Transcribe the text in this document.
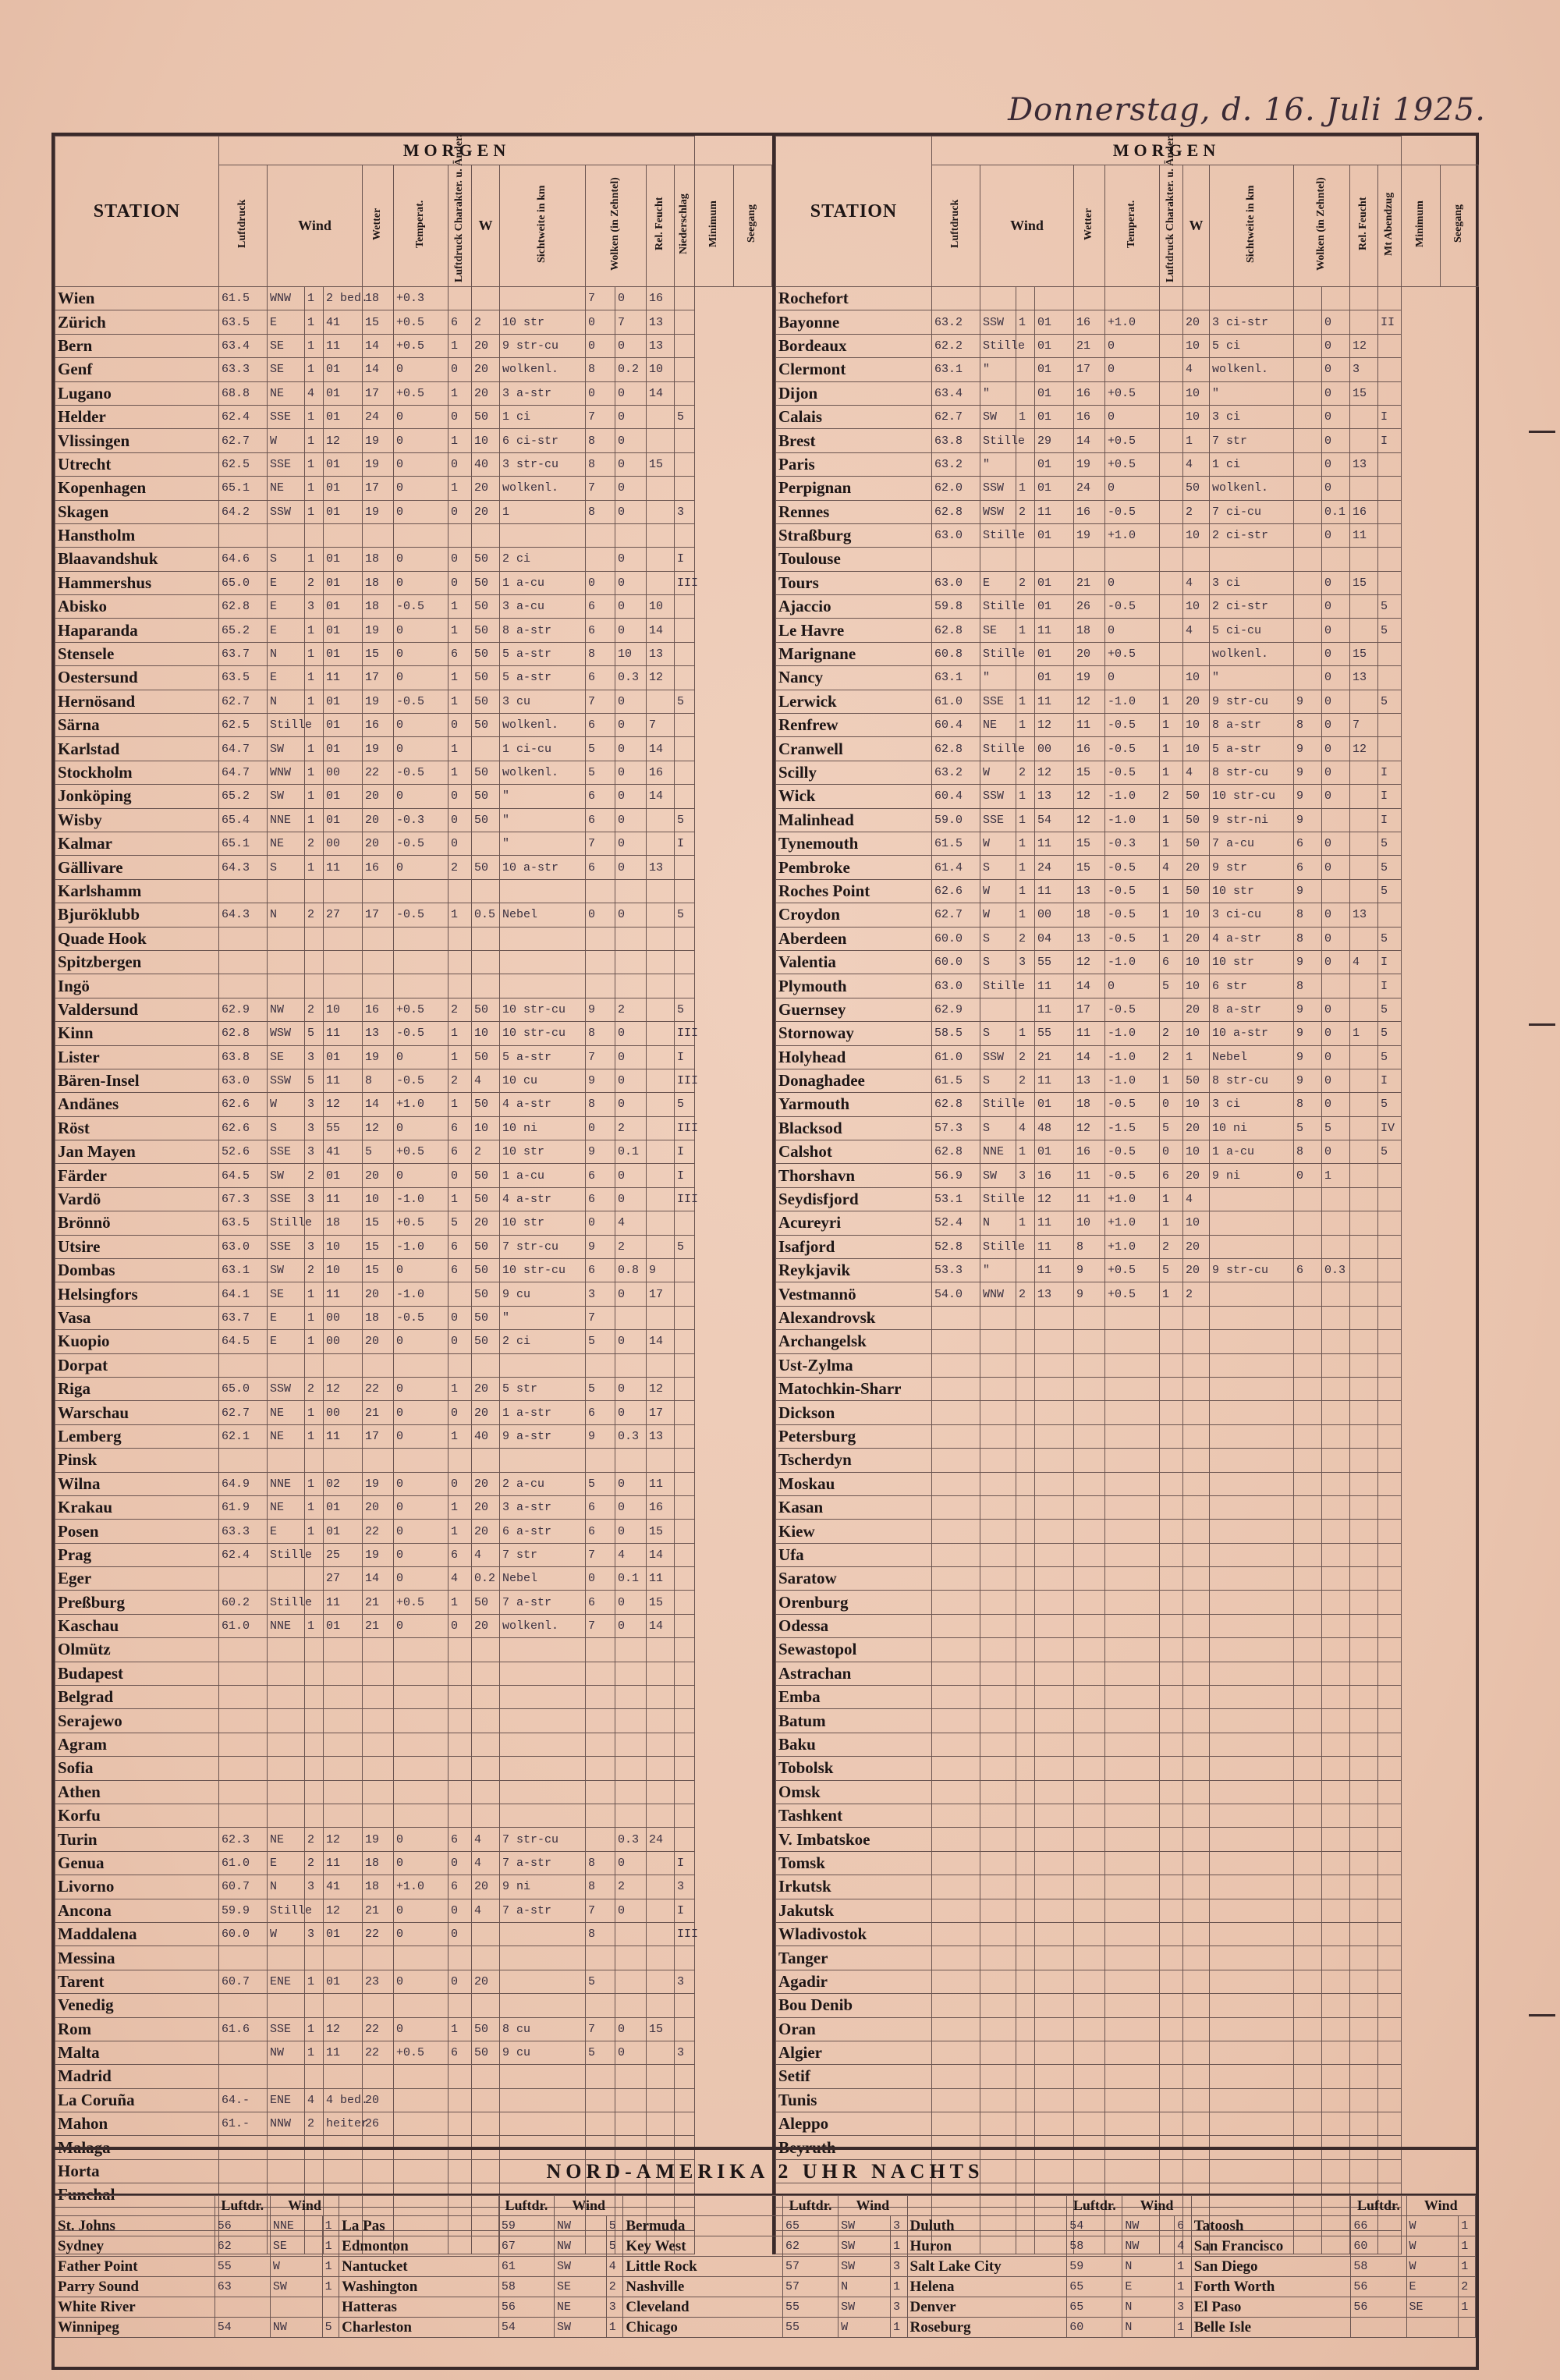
Donnerstag, d. 16. Juli 1925.
STATION	MORGEN														
	Luftdruck	Wind			Wetter	Temperat.	Luftdruck Charakter. u. Änder.	W	Sichtweite in km	Wolken (in Zehntel)		Rel. Feucht	Niederschlag	Minimum	Seegang
Wien	61.5	WNW	1	2 bed.	18	+0.3				7	0	16			
Zürich	63.5	E	1	41	15	+0.5	6	2	10 str	0	7	13			
Bern	63.4	SE	1	11	14	+0.5	1	20	9 str-cu	0	0	13			
Genf	63.3	SE	1	01	14	0	0	20	wolkenl.	8	0.2	10			
Lugano	68.8	NE	4	01	17	+0.5	1	20	3 a-str	0	0	14			
Helder	62.4	SSE	1	01	24	0	0	50	1 ci	7	0		5		
Vlissingen	62.7	W	1	12	19	0	1	10	6 ci-str	8	0				
Utrecht	62.5	SSE	1	01	19	0	0	40	3 str-cu	8	0	15			
Kopenhagen	65.1	NE	1	01	17	0	1	20	wolkenl.	7	0				
Skagen	64.2	SSW	1	01	19	0	0	20	1	8	0		3		
Hanstholm															
Blaavandshuk	64.6	S	1	01	18	0	0	50	2 ci		0		I		
Hammershus	65.0	E	2	01	18	0	0	50	1 a-cu	0	0		III		
Abisko	62.8	E	3	01	18	-0.5	1	50	3 a-cu	6	0	10			
Haparanda	65.2	E	1	01	19	0	1	50	8 a-str	6	0	14			
Stensele	63.7	N	1	01	15	0	6	50	5 a-str	8	10	13			
Oestersund	63.5	E	1	11	17	0	1	50	5 a-str	6	0.3	12			
Hernösand	62.7	N	1	01	19	-0.5	1	50	3 cu	7	0		5		
Särna	62.5	Stille		01	16	0	0	50	wolkenl.	6	0	7			
Karlstad	64.7	SW	1	01	19	0	1		1 ci-cu	5	0	14			
Stockholm	64.7	WNW	1	00	22	-0.5	1	50	wolkenl.	5	0	16			
Jonköping	65.2	SW	1	01	20	0	0	50	"	6	0	14			
Wisby	65.4	NNE	1	01	20	-0.3	0	50	"	6	0		5		
Kalmar	65.1	NE	2	00	20	-0.5	0		"	7	0		I		
Gällivare	64.3	S	1	11	16	0	2	50	10 a-str	6	0	13			
Karlshamm															
Bjuröklubb	64.3	N	2	27	17	-0.5	1	0.5	Nebel	0	0		5		
Quade Hook															
Spitzbergen															
Ingö															
Valdersund	62.9	NW	2	10	16	+0.5	2	50	10 str-cu	9	2		5		
Kinn	62.8	WSW	5	11	13	-0.5	1	10	10 str-cu	8	0		III		
Lister	63.8	SE	3	01	19	0	1	50	5 a-str	7	0		I		
Bären-Insel	63.0	SSW	5	11	8	-0.5	2	4	10 cu	9	0		III		
Andänes	62.6	W	3	12	14	+1.0	1	50	4 a-str	8	0		5		
Röst	62.6	S	3	55	12	0	6	10	10 ni	0	2		III		
Jan Mayen	52.6	SSE	3	41	5	+0.5	6	2	10 str	9	0.1		I		
Färder	64.5	SW	2	01	20	0	0	50	1 a-cu	6	0		I		
Vardö	67.3	SSE	3	11	10	-1.0	1	50	4 a-str	6	0		III		
Brönnö	63.5	Stille		18	15	+0.5	5	20	10 str	0	4				
Utsire	63.0	SSE	3	10	15	-1.0	6	50	7 str-cu	9	2		5		
Dombas	63.1	SW	2	10	15	0	6	50	10 str-cu	6	0.8	9			
Helsingfors	64.1	SE	1	11	20	-1.0		50	9 cu	3	0	17			
Vasa	63.7	E	1	00	18	-0.5	0	50	"	7					
Kuopio	64.5	E	1	00	20	0	0	50	2 ci	5	0	14			
Dorpat															
Riga	65.0	SSW	2	12	22	0	1	20	5 str	5	0	12			
Warschau	62.7	NE	1	00	21	0	0	20	1 a-str	6	0	17			
Lemberg	62.1	NE	1	11	17	0	1	40	9 a-str	9	0.3	13			
Pinsk															
Wilna	64.9	NNE	1	02	19	0	0	20	2 a-cu	5	0	11			
Krakau	61.9	NE	1	01	20	0	1	20	3 a-str	6	0	16			
Posen	63.3	E	1	01	22	0	1	20	6 a-str	6	0	15			
Prag	62.4	Stille		25	19	0	6	4	7 str	7	4	14			
Eger				27	14	0	4	0.2	Nebel	0	0.1	11			
Preßburg	60.2	Stille		11	21	+0.5	1	50	7 a-str	6	0	15			
Kaschau	61.0	NNE	1	01	21	0	0	20	wolkenl.	7	0	14			
Olmütz															
Budapest															
Belgrad															
Serajewo															
Agram															
Sofia															
Athen															
Korfu															
Turin	62.3	NE	2	12	19	0	6	4	7 str-cu		0.3	24			
Genua	61.0	E	2	11	18	0	0	4	7 a-str	8	0		I		
Livorno	60.7	N	3	41	18	+1.0	6	20	9 ni	8	2		3		
Ancona	59.9	Stille		12	21	0	0	4	7 a-str	7	0		I		
Maddalena	60.0	W	3	01	22	0	0			8			III		
Messina															
Tarent	60.7	ENE	1	01	23	0	0	20		5			3		
Venedig															
Rom	61.6	SSE	1	12	22	0	1	50	8 cu	7	0	15			
Malta		NW	1	11	22	+0.5	6	50	9 cu	5	0		3		
Madrid															
La Coruña	64.-	ENE	4	4 bed.	20										
Mahon	61.-	NNW	2	heiter	26										
Malaga															
Horta															
Funchal															

STATION	MORGEN														
	Luftdruck	Wind			Wetter	Temperat.	Luftdruck Charakter. u. Änder.	W	Sichtweite in km	Wolken (in Zehntel)		Rel. Feucht	Mt Abendzug	Minimum	Seegang
Rochefort															
Bayonne	63.2	SSW	1	01	16	+1.0		20	3 ci-str		0		II		
Bordeaux	62.2	Stille		01	21	0		10	5 ci		0	12			
Clermont	63.1	"		01	17	0		4	wolkenl.		0	3			
Dijon	63.4	"		01	16	+0.5		10	"		0	15			
Calais	62.7	SW	1	01	16	0		10	3 ci		0		I		
Brest	63.8	Stille		29	14	+0.5		1	7 str		0		I		
Paris	63.2	"		01	19	+0.5		4	1 ci		0	13			
Perpignan	62.0	SSW	1	01	24	0		50	wolkenl.		0				
Rennes	62.8	WSW	2	11	16	-0.5		2	7 ci-cu		0.1	16			
Straßburg	63.0	Stille		01	19	+1.0		10	2 ci-str		0	11			
Toulouse															
Tours	63.0	E	2	01	21	0		4	3 ci		0	15			
Ajaccio	59.8	Stille		01	26	-0.5		10	2 ci-str		0		5		
Le Havre	62.8	SE	1	11	18	0		4	5 ci-cu		0		5		
Marignane	60.8	Stille		01	20	+0.5			wolkenl.		0	15			
Nancy	63.1	"		01	19	0		10	"		0	13			
Lerwick	61.0	SSE	1	11	12	-1.0	1	20	9 str-cu	9	0		5		
Renfrew	60.4	NE	1	12	11	-0.5	1	10	8 a-str	8	0	7			
Cranwell	62.8	Stille		00	16	-0.5	1	10	5 a-str	9	0	12			
Scilly	63.2	W	2	12	15	-0.5	1	4	8 str-cu	9	0		I		
Wick	60.4	SSW	1	13	12	-1.0	2	50	10 str-cu	9	0		I		
Malinhead	59.0	SSE	1	54	12	-1.0	1	50	9 str-ni	9			I		
Tynemouth	61.5	W	1	11	15	-0.3	1	50	7 a-cu	6	0		5		
Pembroke	61.4	S	1	24	15	-0.5	4	20	9 str	6	0		5		
Roches Point	62.6	W	1	11	13	-0.5	1	50	10 str	9			5		
Croydon	62.7	W	1	00	18	-0.5	1	10	3 ci-cu	8	0	13			
Aberdeen	60.0	S	2	04	13	-0.5	1	20	4 a-str	8	0		5		
Valentia	60.0	S	3	55	12	-1.0	6	10	10 str	9	0	4	I		
Plymouth	63.0	Stille		11	14	0	5	10	6 str	8			I		
Guernsey	62.9			11	17	-0.5		20	8 a-str	9	0		5		
Stornoway	58.5	S	1	55	11	-1.0	2	10	10 a-str	9	0	1	5		
Holyhead	61.0	SSW	2	21	14	-1.0	2	1	Nebel	9	0		5		
Donaghadee	61.5	S	2	11	13	-1.0	1	50	8 str-cu	9	0		I		
Yarmouth	62.8	Stille		01	18	-0.5	0	10	3 ci	8	0		5		
Blacksod	57.3	S	4	48	12	-1.5	5	20	10 ni	5	5		IV		
Calshot	62.8	NNE	1	01	16	-0.5	0	10	1 a-cu	8	0		5		
Thorshavn	56.9	SW	3	16	11	-0.5	6	20	9 ni	0	1				
Seydisfjord	53.1	Stille		12	11	+1.0	1	4							
Acureyri	52.4	N	1	11	10	+1.0	1	10							
Isafjord	52.8	Stille		11	8	+1.0	2	20							
Reykjavik	53.3	"		11	9	+0.5	5	20	9 str-cu	6	0.3				
Vestmannö	54.0	WNW	2	13	9	+0.5	1	2							
Alexandrovsk															
Archangelsk															
Ust-Zylma															
Matochkin-Sharr															
Dickson															
Petersburg															
Tscherdyn															
Moskau															
Kasan															
Kiew															
Ufa															
Saratow															
Orenburg															
Odessa															
Sewastopol															
Astrachan															
Emba															
Batum															
Baku															
Tobolsk															
Omsk															
Tashkent															
V. Imbatskoe															
Tomsk															
Irkutsk															
Jakutsk															
Wladivostok															
Tanger															
Agadir															
Bou Denib															
Oran															
Algier															
Setif															
Tunis															
Aleppo															
Beyruth															

NORD-AMERIKA 2 UHR NACHTS
	Luftdr.	Wind			Luftdr.	Wind			Luftdr.	Wind			Luftdr.	Wind			Luftdr.	Wind	
St. Johns	56	NNE	1	La Pas	59	NW	5	Bermuda	65	SW	3	Duluth	54	NW	6	Tatoosh	66	W	1
Sydney	62	SE	1	Edmonton	67	NW	5	Key West	62	SW	1	Huron	58	NW	4	San Francisco	60	W	1
Father Point	55	W	1	Nantucket	61	SW	4	Little Rock	57	SW	3	Salt Lake City	59	N	1	San Diego	58	W	1
Parry Sound	63	SW	1	Washington	58	SE	2	Nashville	57	N	1	Helena	65	E	1	Forth Worth	56	E	2
White River				Hatteras	56	NE	3	Cleveland	55	SW	3	Denver	65	N	3	El Paso	56	SE	1
Winnipeg	54	NW	5	Charleston	54	SW	1	Chicago	55	W	1	Roseburg	60	N	1	Belle Isle			
